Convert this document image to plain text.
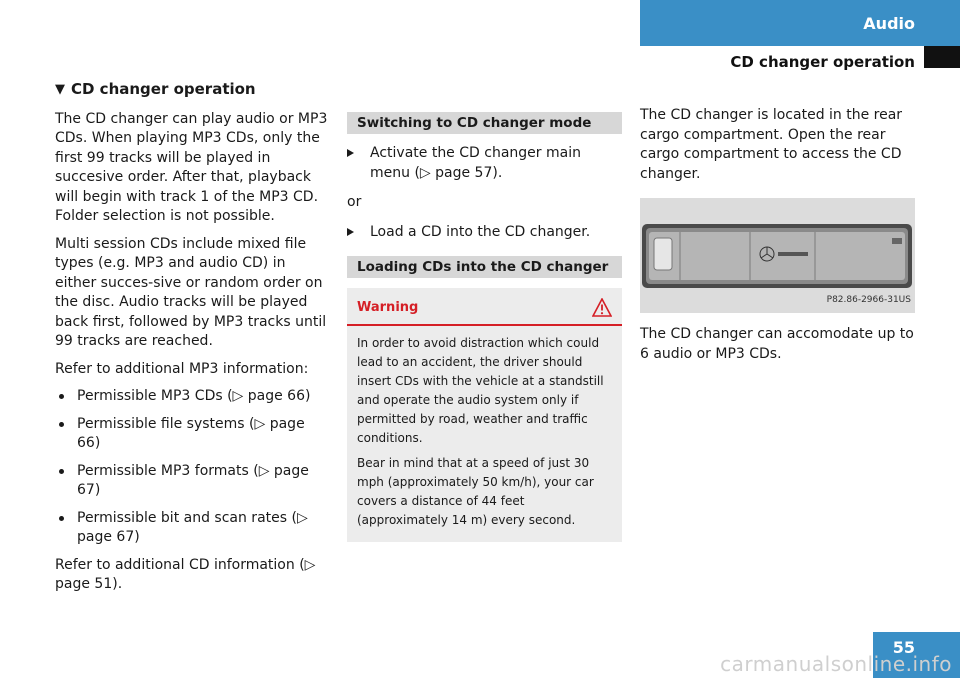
Audio
CD changer operation
▼ CD changer operation

The CD changer can play audio or MP3 CDs. When playing MP3 CDs, only the first 99 tracks will be played in succesive order. After that, playback will begin with track 1 of the MP3 CD. Folder selection is not possible.

Multi session CDs include mixed file types (e.g. MP3 and audio CD) in either succes-sive or random order on the disc. Audio tracks will be played back first, followed by MP3 tracks until 99 tracks are reached.

Refer to additional MP3 information:

Permissible MP3 CDs (▷ page 66)
Permissible file systems (▷ page 66)
Permissible MP3 formats (▷ page 67)
Permissible bit and scan rates (▷ page 67)

Refer to additional CD information (▷ page 51).

Switching to CD changer mode
Activate the CD changer main menu (▷ page 57).
or
Load a CD into the CD changer.
Loading CDs into the CD changer
Warning

In order to avoid distraction which could lead to an accident, the driver should insert CDs with the vehicle at a standstill and operate the audio system only if permitted by road, weather and traffic conditions.

Bear in mind that at a speed of just 30 mph (approximately 50 km/h), your car covers a distance of 44 feet (approximately 14 m) every second.

The CD changer is located in the rear cargo compartment. Open the rear cargo compartment to access the CD changer.

P82.86-2966-31US

The CD changer can accomodate up to 6 audio or MP3 CDs.

55
carmanualsonline.info
